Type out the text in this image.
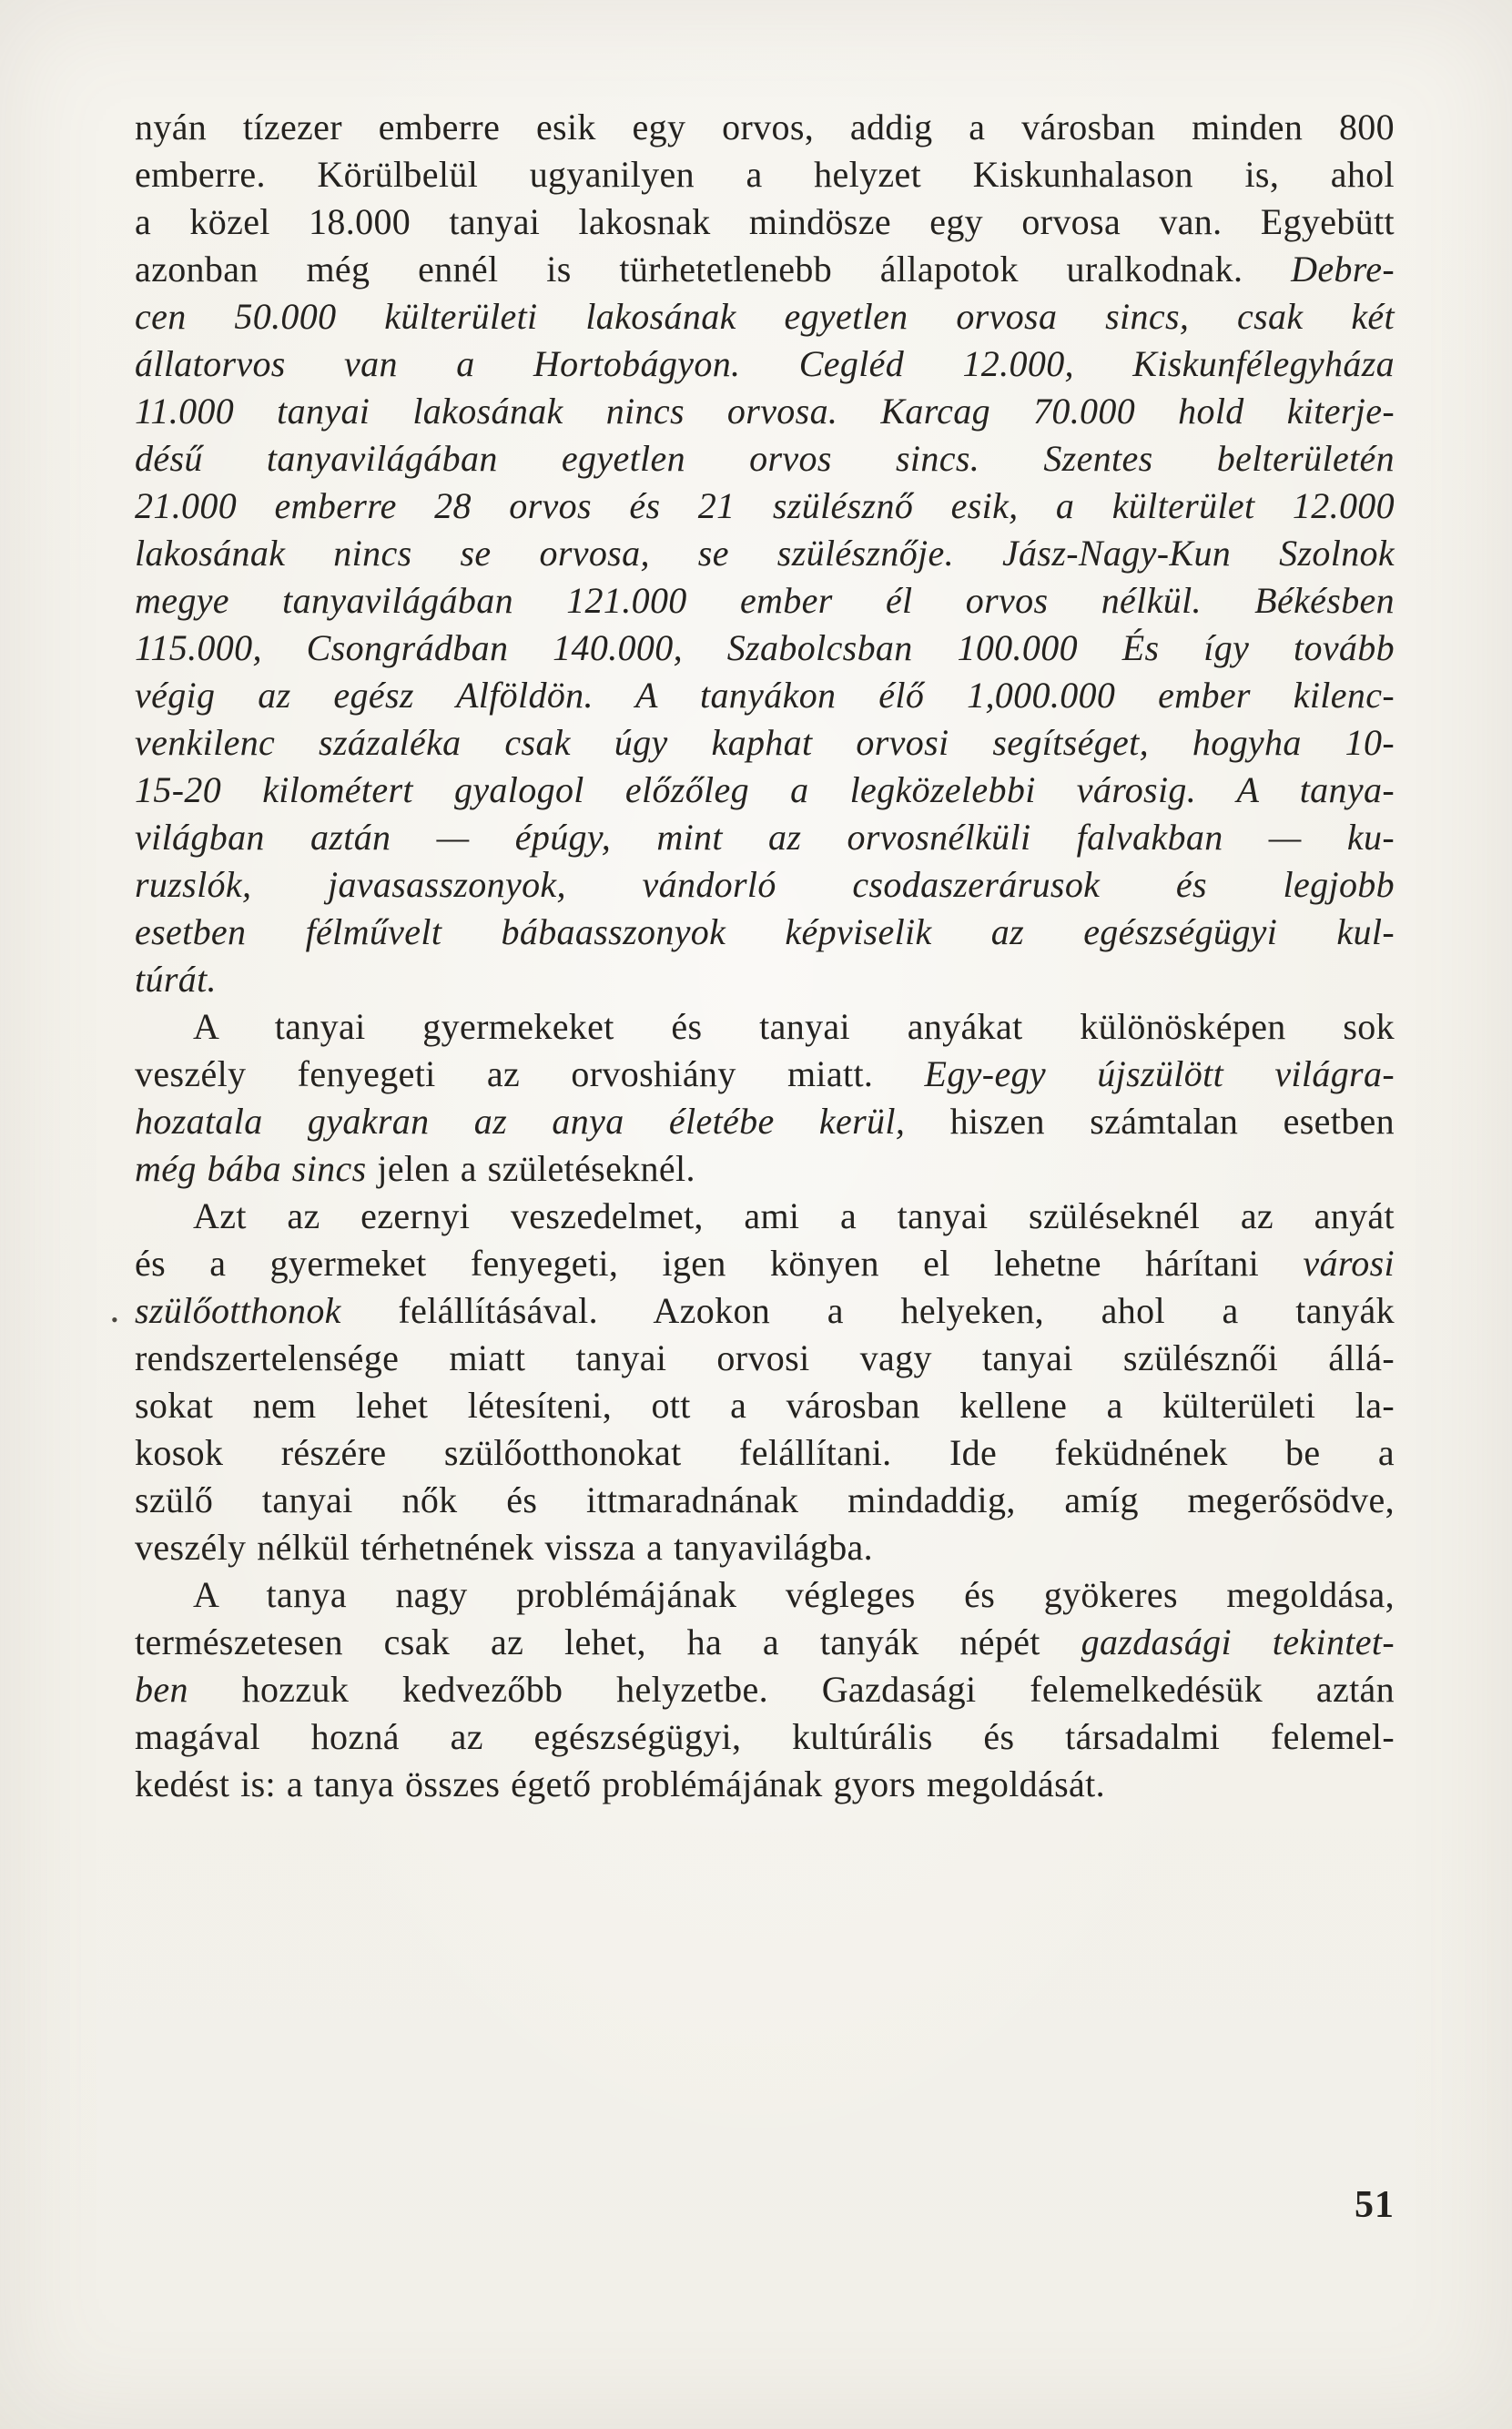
nyán tízezer emberre esik egy orvos, addig a városban minden 800
emberre. Körülbelül ugyanilyen a helyzet Kiskunhalason is, ahol
a közel 18.000 tanyai lakosnak mindösze egy orvosa van. Egyebütt
azonban még ennél is türhetetlenebb állapotok uralkodnak. Debre-
cen 50.000 külterületi lakosának egyetlen orvosa sincs, csak két
állatorvos van a Hortobágyon. Cegléd 12.000, Kiskunfélegyháza
11.000 tanyai lakosának nincs orvosa. Karcag 70.000 hold kiterje-
désű tanyavilágában egyetlen orvos sincs. Szentes belterületén
21.000 emberre 28 orvos és 21 szülésznő esik, a külterület 12.000
lakosának nincs se orvosa, se szülésznője. Jász-Nagy-Kun Szolnok
megye tanyavilágában 121.000 ember él orvos nélkül. Békésben
115.000, Csongrádban 140.000, Szabolcsban 100.000 És így tovább
végig az egész Alföldön. A tanyákon élő 1,000.000 ember kilenc-
venkilenc százaléka csak úgy kaphat orvosi segítséget, hogyha 10-
15-20 kilométert gyalogol előzőleg a legközelebbi városig. A tanya-
világban aztán — épúgy, mint az orvosnélküli falvakban — ku-
ruzslók, javasasszonyok, vándorló csodaszerárusok és legjobb
esetben félművelt bábaasszonyok képviselik az egészségügyi kul-
túrát.
A tanyai gyermekeket és tanyai anyákat különösképen sok
veszély fenyegeti az orvoshiány miatt. Egy-egy újszülött világra-
hozatala gyakran az anya életébe kerül, hiszen számtalan esetben
még bába sincs jelen a születéseknél.
Azt az ezernyi veszedelmet, ami a tanyai szüléseknél az anyát
és a gyermeket fenyegeti, igen könyen el lehetne hárítani városi
• szülőotthonok felállításával. Azokon a helyeken, ahol a tanyák
rendszertelensége miatt tanyai orvosi vagy tanyai szülésznői állá-
sokat nem lehet létesíteni, ott a városban kellene a külterületi la-
kosok részére szülőotthonokat felállítani. Ide feküdnének be a
szülő tanyai nők és ittmaradnának mindaddig, amíg megerősödve,
veszély nélkül térhetnének vissza a tanyavilágba.
A tanya nagy problémájának végleges és gyökeres megoldása,
természetesen csak az lehet, ha a tanyák népét gazdasági tekintet-
ben hozzuk kedvezőbb helyzetbe. Gazdasági felemelkedésük aztán
magával hozná az egészségügyi, kultúrális és társadalmi felemel-
kedést is: a tanya összes égető problémájának gyors megoldását.
51
